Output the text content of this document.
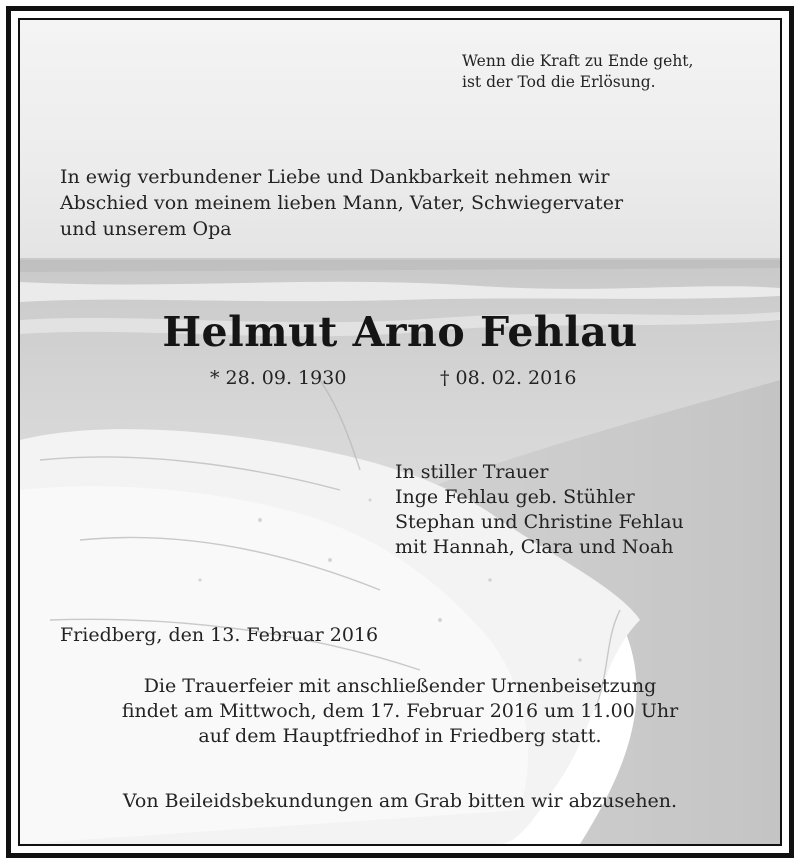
Wenn die Kraft zu Ende geht,
ist der Tod die Erlösung.

In ewig verbundener Liebe und Dankbarkeit nehmen wir
Abschied von meinem lieben Mann, Vater, Schwiegervater
und unserem Opa

Helmut Arno Fehlau
* 28. 09. 1930	† 08. 02. 2016

In stiller Trauer
Inge Fehlau geb. Stühler
Stephan und Christine Fehlau
mit Hannah, Clara und Noah

Friedberg, den 13. Februar 2016

Die Trauerfeier mit anschließender Urnenbeisetzung
findet am Mittwoch, dem 17. Februar 2016 um 11.00 Uhr
auf dem Hauptfriedhof in Friedberg statt.

Von Beileidsbekundungen am Grab bitten wir abzusehen.
